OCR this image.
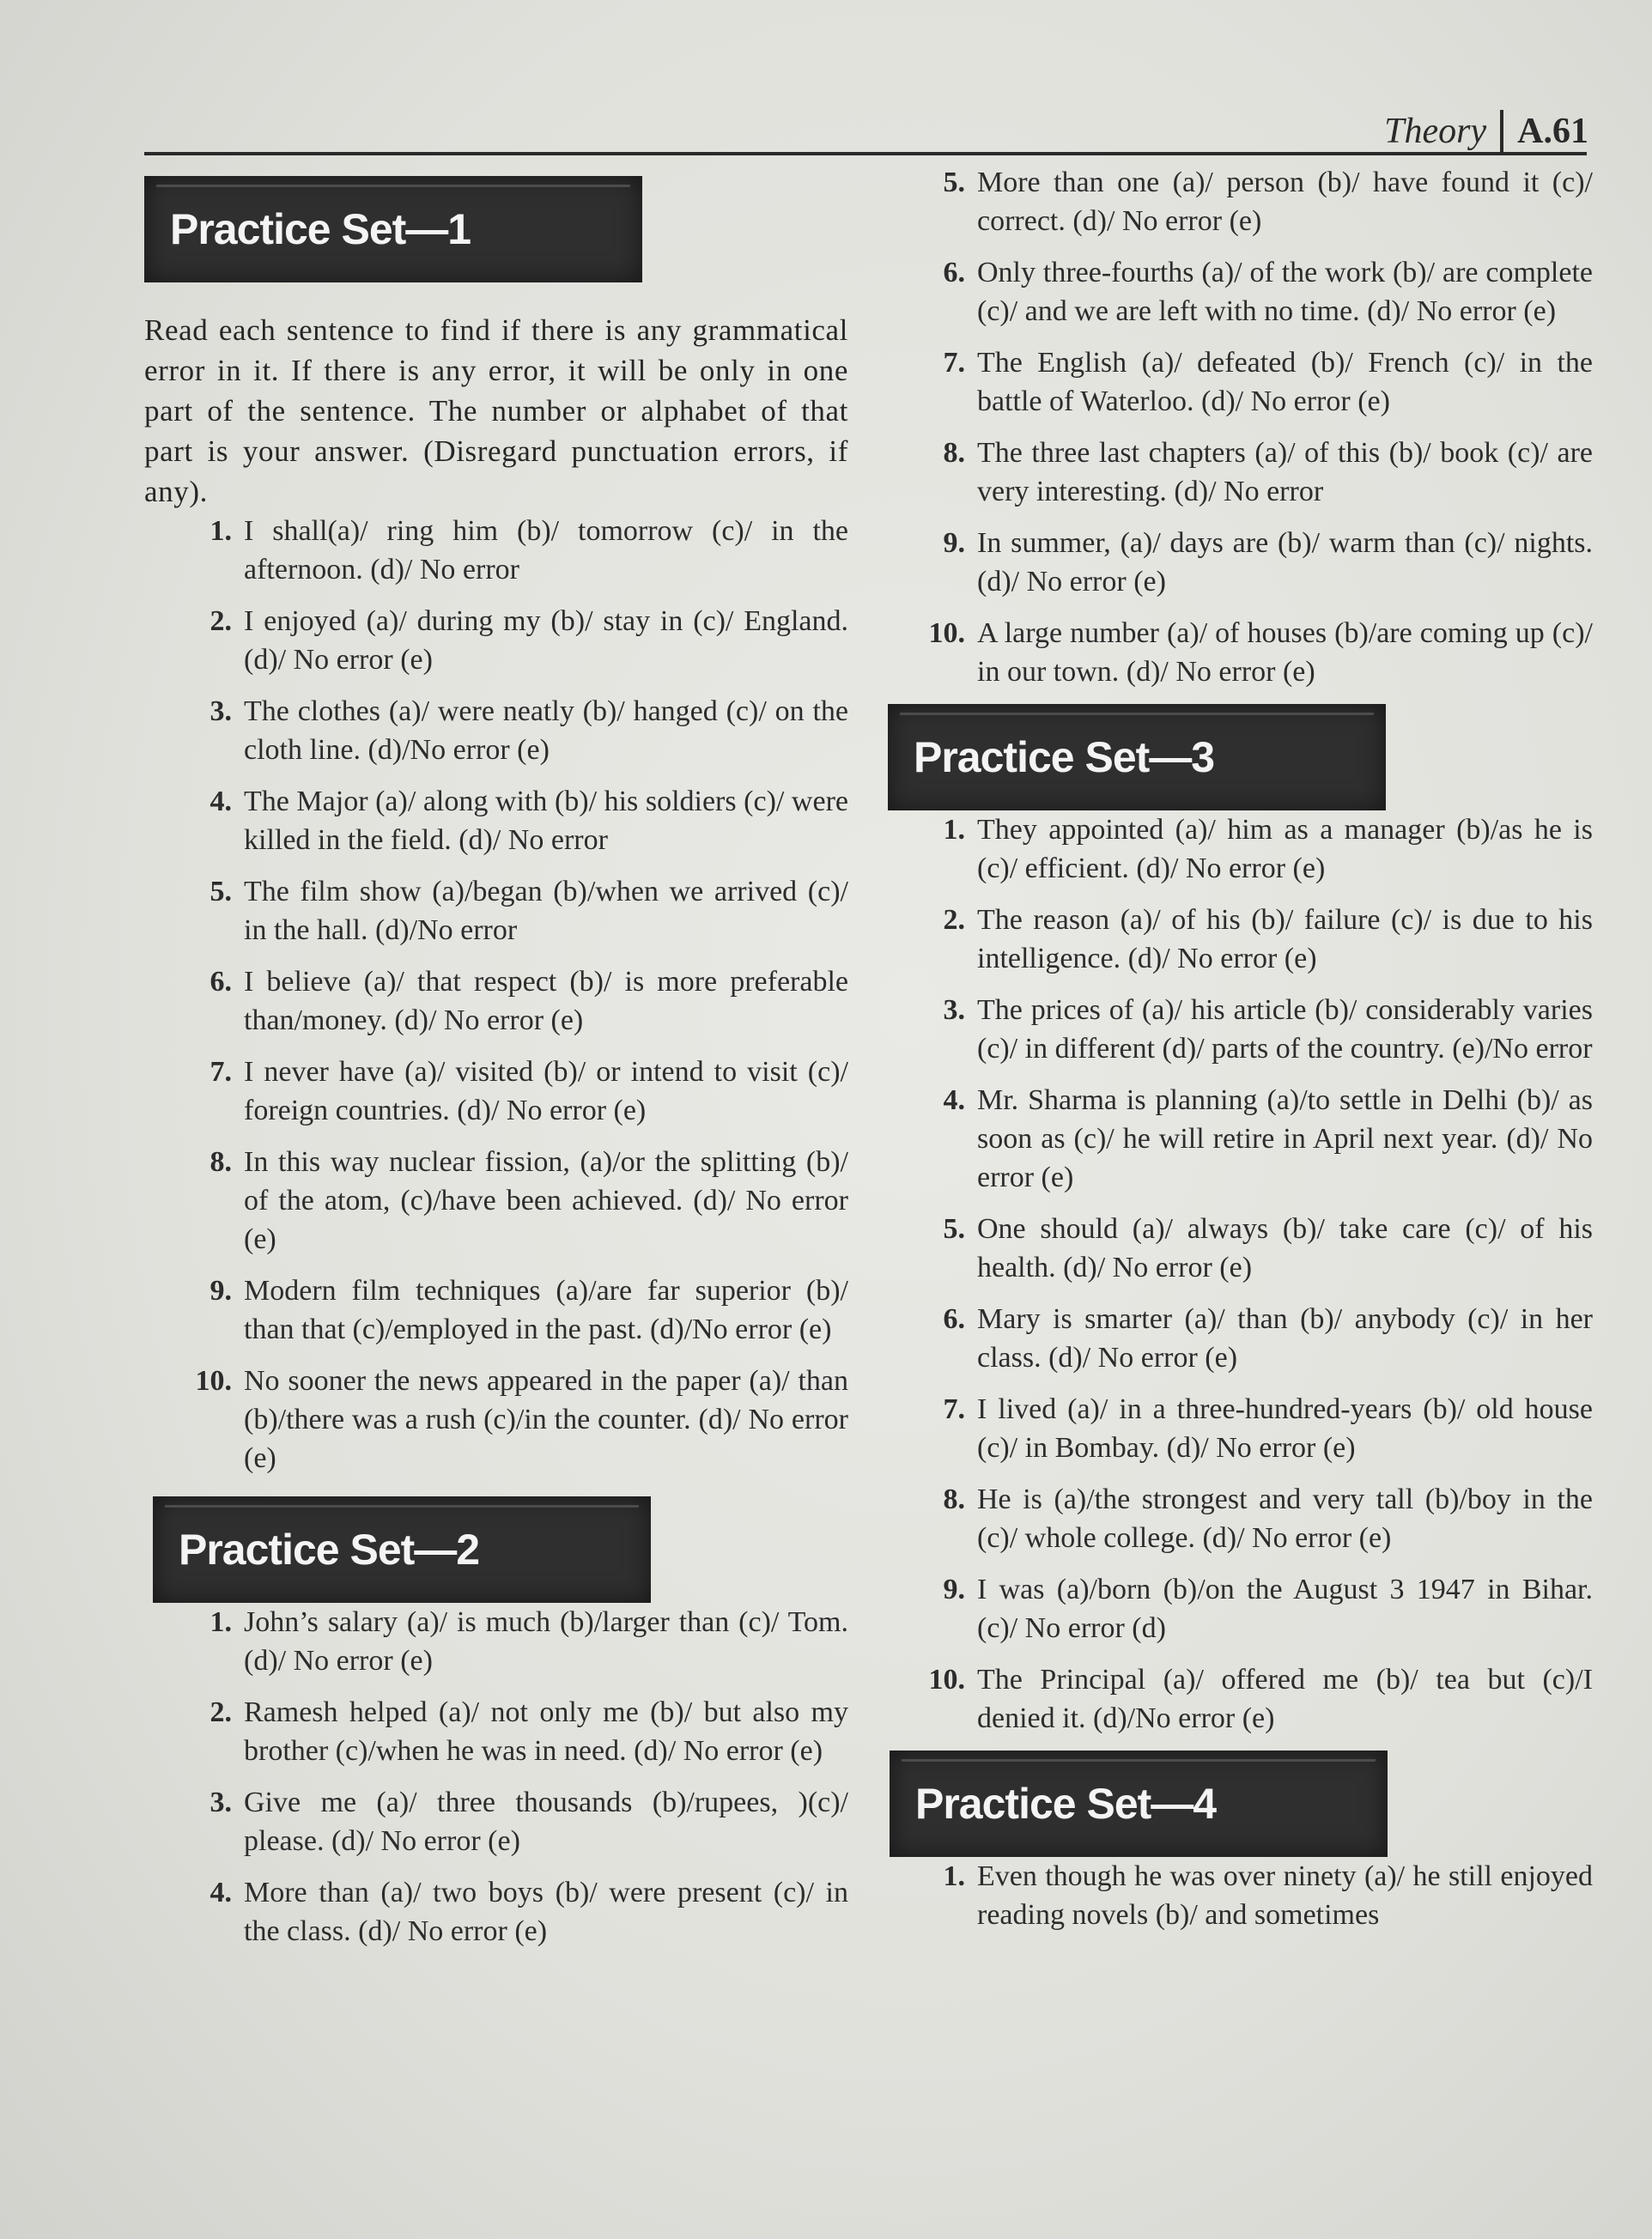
Theory A.61
Practice Set—1
Read each sentence to find if there is any grammatical error in it. If there is any error, it will be only in one part of the sentence. The number or alphabet of that part is your answer. (Disregard punctuation errors, if any).
1. I shall(a)/ ring him (b)/ tomorrow (c)/ in the afternoon. (d)/ No error
2. I enjoyed (a)/ during my (b)/ stay in (c)/ England. (d)/ No error (e)
3. The clothes (a)/ were neatly (b)/ hanged (c)/ on the cloth line. (d)/No error (e)
4. The Major (a)/ along with (b)/ his soldiers (c)/ were killed in the field. (d)/ No error
5. The film show (a)/began (b)/when we arrived (c)/ in the hall. (d)/No error
6. I believe (a)/ that respect (b)/ is more preferable than/money. (d)/ No error (e)
7. I never have (a)/ visited (b)/ or intend to visit (c)/ foreign countries. (d)/ No error (e)
8. In this way nuclear fission, (a)/or the splitting (b)/ of the atom, (c)/have been achieved. (d)/ No error (e)
9. Modern film techniques (a)/are far superior (b)/ than that (c)/employed in the past. (d)/No error (e)
10. No sooner the news appeared in the paper (a)/ than (b)/there was a rush (c)/in the counter. (d)/ No error (e)
Practice Set—2
1. John’s salary (a)/ is much (b)/larger than (c)/ Tom. (d)/ No error (e)
2. Ramesh helped (a)/ not only me (b)/ but also my brother (c)/when he was in need. (d)/ No error (e)
3. Give me (a)/ three thousands (b)/rupees, )(c)/ please. (d)/ No error (e)
4. More than (a)/ two boys (b)/ were present (c)/ in the class. (d)/ No error (e)
5. More than one (a)/ person (b)/ have found it (c)/ correct. (d)/ No error (e)
6. Only three-fourths (a)/ of the work (b)/ are complete (c)/ and we are left with no time. (d)/ No error (e)
7. The English (a)/ defeated (b)/ French (c)/ in the battle of Waterloo. (d)/ No error (e)
8. The three last chapters (a)/ of this (b)/ book (c)/ are very interesting. (d)/ No error
9. In summer, (a)/ days are (b)/ warm than (c)/ nights. (d)/ No error (e)
10. A large number (a)/ of houses (b)/are coming up (c)/ in our town. (d)/ No error (e)
Practice Set—3
1. They appointed (a)/ him as a manager (b)/as he is (c)/ efficient. (d)/ No error (e)
2. The reason (a)/ of his (b)/ failure (c)/ is due to his intelligence. (d)/ No error (e)
3. The prices of (a)/ his article (b)/ considerably varies (c)/ in different (d)/ parts of the country. (e)/No error
4. Mr. Sharma is planning (a)/to settle in Delhi (b)/ as soon as (c)/ he will retire in April next year. (d)/ No error (e)
5. One should (a)/ always (b)/ take care (c)/ of his health. (d)/ No error (e)
6. Mary is smarter (a)/ than (b)/ anybody (c)/ in her class. (d)/ No error (e)
7. I lived (a)/ in a three-hundred-years (b)/ old house (c)/ in Bombay. (d)/ No error (e)
8. He is (a)/the strongest and very tall (b)/boy in the (c)/ whole college. (d)/ No error (e)
9. I was (a)/born (b)/on the August 3 1947 in Bihar. (c)/ No error (d)
10. The Principal (a)/ offered me (b)/ tea but (c)/I denied it. (d)/No error (e)
Practice Set—4
1. Even though he was over ninety (a)/ he still enjoyed reading novels (b)/ and sometimes
